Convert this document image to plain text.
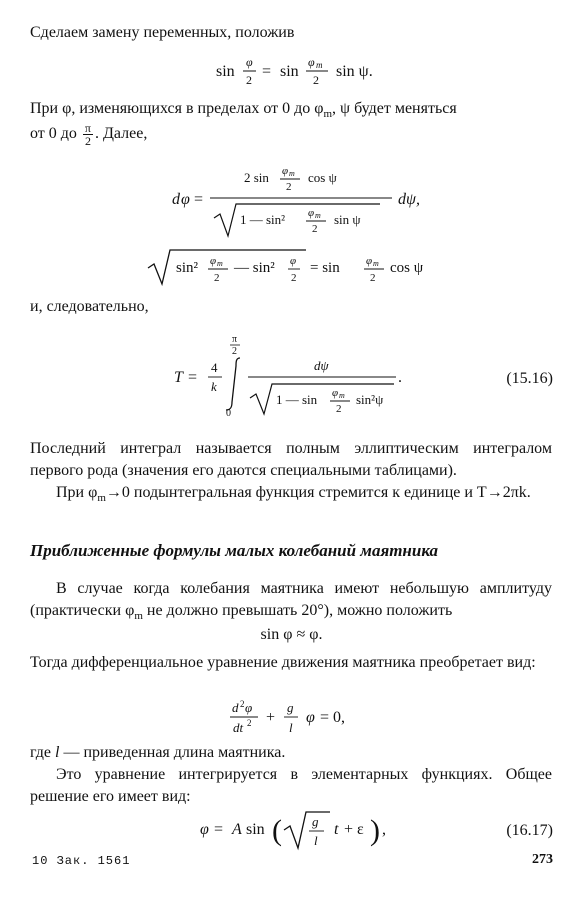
Сделаем замену переменных, положив
sin
φ
2 = sin
φ m
2 sin ψ.
При φ, изменяющихся в пределах от 0 до $\varphi_m$, ψ будет меняться
от 0 до $\frac{\pi}{2}$ . Далее,
d φ =
2 sin φ m
2
cos ψ
1 — sin² φ m
2
sin ψ
dψ,
sin² φ m
2
— sin² φ
2
= sin φ m
2
cos ψ
и, следовательно,
T =
4
k
π
2
0
dψ
1 — sin φ m
2
sin²ψ
.	(15.16)
Последний интеграл называется полным эллиптическим интегралом первого рода (значения его даются специальными таблицами).
При $\varphi_m\to 0$ подынтегральная функция стремится к единице и T→2πk.
Приближенные формулы малых колебаний маятника
В случае когда колебания маятника имеют небольшую амплитуду (практически $\varphi_m$ не должно превышать 20°), можно положить
sin φ ≈ φ.
Тогда дифференциальное уравнение движения маятника преобретает вид:
d 2 φ
dt 2 +
g
l
φ = 0,
где l — приведенная длина маятника.
Это уравнение интегрируется в элементарных функциях. Общее решение его имеет вид:
φ = A sin ( g
l
t + ε ) ,	(16.17)
10 Зак. 1561	273
